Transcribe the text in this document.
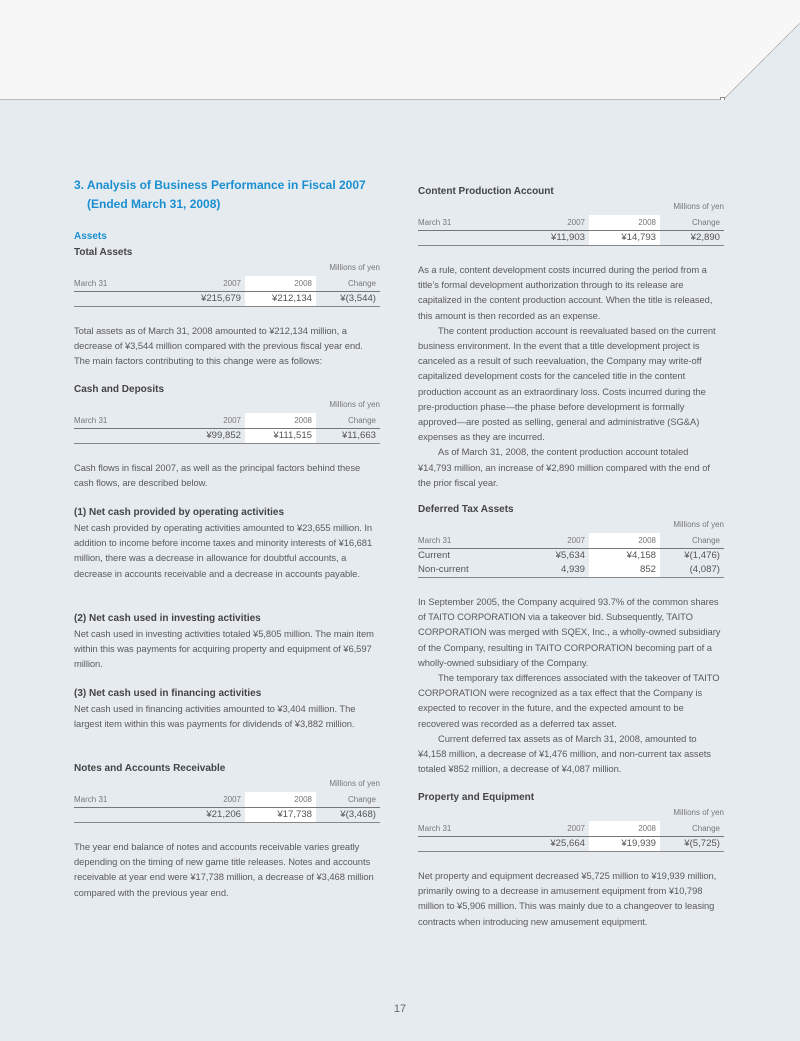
3. Analysis of Business Performance in Fiscal 2007
(Ended March 31, 2008)
Assets
Total Assets
Millions of yen
March 31	2007	2008	Change
	¥215,679	¥212,134	¥(3,544)

Total assets as of March 31, 2008 amounted to ¥212,134 million, a decrease of ¥3,544 million compared with the previous fiscal year end. The main factors contributing to this change were as follows:

Cash and Deposits
Millions of yen
March 31	2007	2008	Change
	¥99,852	¥111,515	¥11,663

Cash flows in fiscal 2007, as well as the principal factors behind these cash flows, are described below.

(1) Net cash provided by operating activities

Net cash provided by operating activities amounted to ¥23,655 million. In addition to income before income taxes and minority interests of ¥16,681 million, there was a decrease in allowance for doubtful accounts, a decrease in accounts receivable and a decrease in accounts payable.

(2) Net cash used in investing activities

Net cash used in investing activities totaled ¥5,805 million. The main item within this was payments for acquiring property and equipment of ¥6,597 million.

(3) Net cash used in financing activities

Net cash used in financing activities amounted to ¥3,404 million. The largest item within this was payments for dividends of ¥3,882 million.

Notes and Accounts Receivable
Millions of yen
March 31	2007	2008	Change
	¥21,206	¥17,738	¥(3,468)

The year end balance of notes and accounts receivable varies greatly depending on the timing of new game title releases. Notes and accounts receivable at year end were ¥17,738 million, a decrease of ¥3,468 million compared with the previous year end.

Content Production Account
Millions of yen
March 31	2007	2008	Change
	¥11,903	¥14,793	¥2,890

As a rule, content development costs incurred during the period from a title’s formal development authorization through to its release are capitalized in the content production account. When the title is released, this amount is then recorded as an expense.

The content production account is reevaluated based on the current business environment. In the event that a title development project is canceled as a result of such reevaluation, the Company may write-off capitalized development costs for the canceled title in the content production account as an extraordinary loss. Costs incurred during the pre-production phase—the phase before development is formally approved—are posted as selling, general and administrative (SG&A) expenses as they are incurred.

As of March 31, 2008, the content production account totaled ¥14,793 million, an increase of ¥2,890 million compared with the end of the prior fiscal year.

Deferred Tax Assets
Millions of yen
March 31	2007	2008	Change
Current	¥5,634	¥4,158	¥(1,476)
Non-current	4,939	852	(4,087)

In September 2005, the Company acquired 93.7% of the common shares of TAITO CORPORATION via a takeover bid. Subsequently, TAITO CORPORATION was merged with SQEX, Inc., a wholly-owned subsidiary of the Company, resulting in TAITO CORPORATION becoming part of a wholly-owned subsidiary of the Company.

The temporary tax differences associated with the takeover of TAITO CORPORATION were recognized as a tax effect that the Company is expected to recover in the future, and the expected amount to be recovered was recorded as a deferred tax asset.

Current deferred tax assets as of March 31, 2008, amounted to ¥4,158 million, a decrease of ¥1,476 million, and non-current tax assets totaled ¥852 million, a decrease of ¥4,087 million.

Property and Equipment
Millions of yen
March 31	2007	2008	Change
	¥25,664	¥19,939	¥(5,725)

Net property and equipment decreased ¥5,725 million to ¥19,939 million, primarily owing to a decrease in amusement equipment from ¥10,798 million to ¥5,906 million. This was mainly due to a changeover to leasing contracts when introducing new amusement equipment.

17
